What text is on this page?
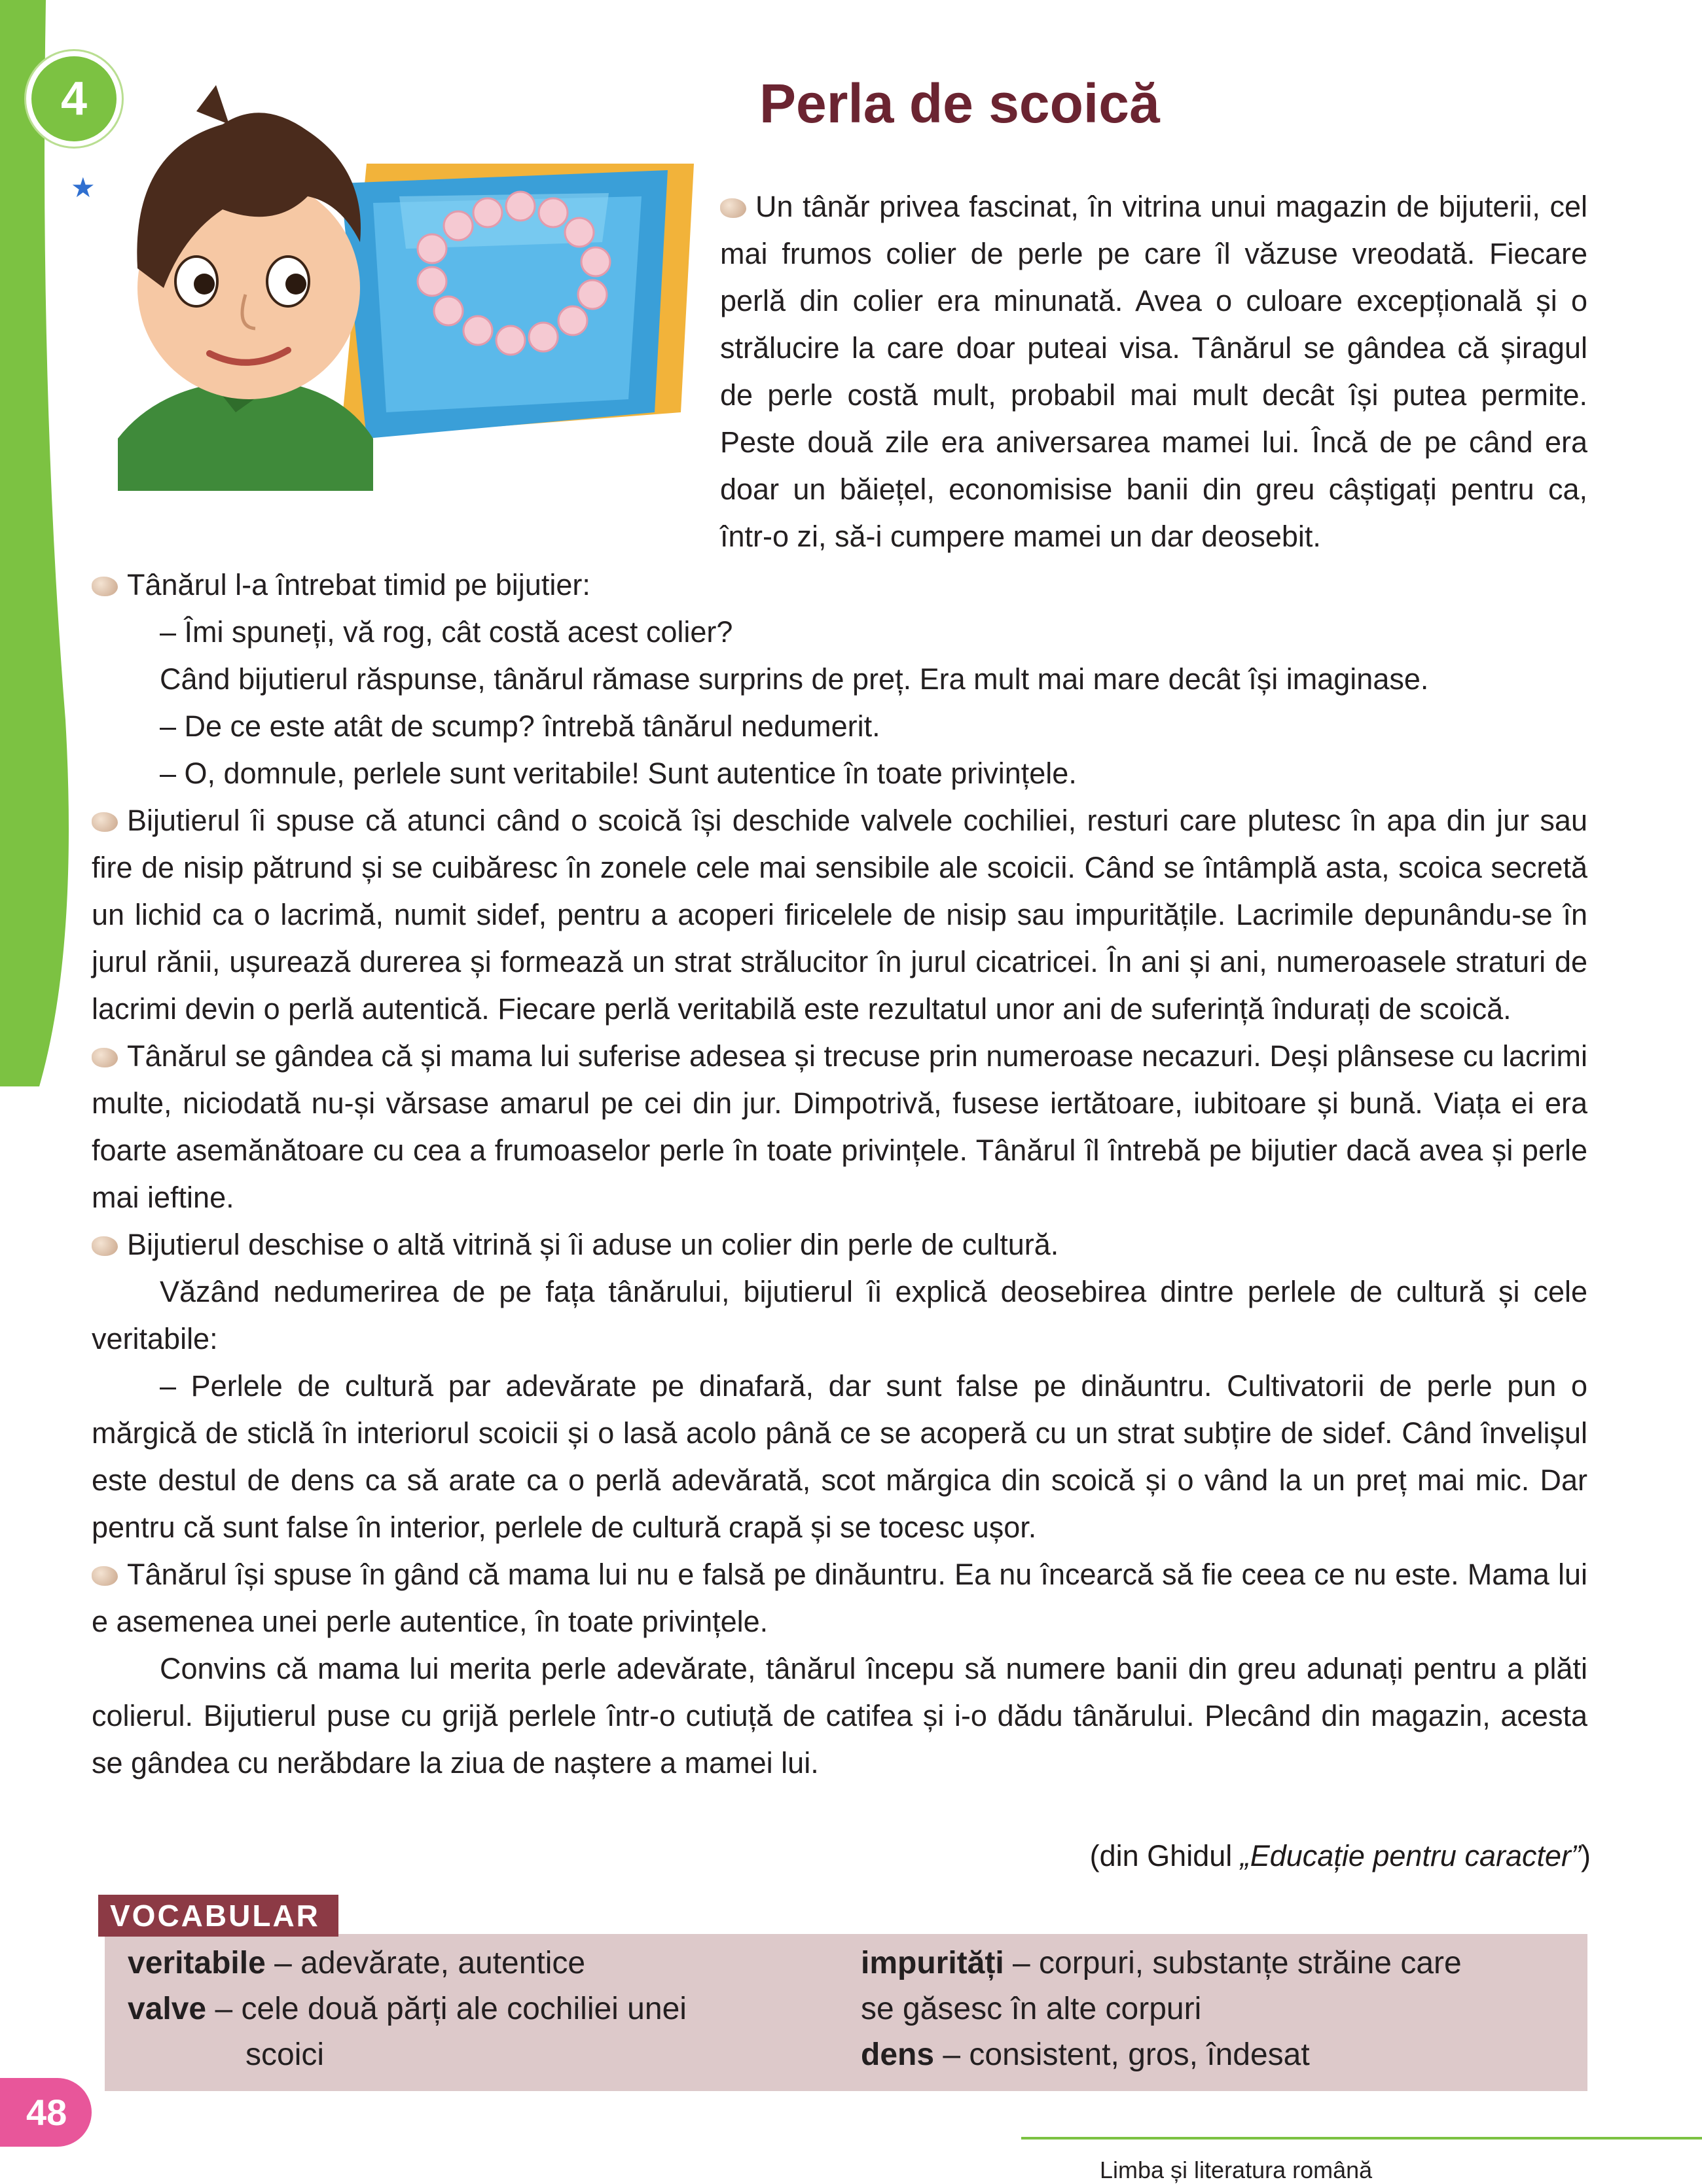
4
★
Perla de scoică

Un tânăr privea fascinat, în vitrina unui magazin de bijuterii, cel mai frumos colier de perle pe care îl văzuse vreodată. Fiecare perlă din colier era minunată. Avea o culoare excepțională și o strălucire la care doar puteai visa. Tânărul se gândea că șiragul de perle costă mult, probabil mai mult decât își putea permite. Peste două zile era aniversarea mamei lui. Încă de pe când era doar un băiețel, economisise banii din greu câștigați pentru ca, într-o zi, să-i cumpere mamei un dar deosebit.

Tânărul l-a întrebat timid pe bijutier:

– Îmi spuneți, vă rog, cât costă acest colier?

Când bijutierul răspunse, tânărul rămase surprins de preț. Era mult mai mare decât își imaginase.

– De ce este atât de scump? întrebă tânărul nedumerit.

– O, domnule, perlele sunt veritabile! Sunt autentice în toate privințele.

Bijutierul îi spuse că atunci când o scoică își deschide valvele cochiliei, resturi care plutesc în apa din jur sau fire de nisip pătrund și se cuibăresc în zonele cele mai sensibile ale scoicii. Când se întâmplă asta, scoica secretă un lichid ca o lacrimă, numit sidef, pentru a acoperi firicelele de nisip sau impuritățile. Lacrimile depunându-se în jurul rănii, ușurează durerea și formează un strat strălucitor în jurul cicatricei. În ani și ani, numeroasele straturi de lacrimi devin o perlă autentică. Fiecare perlă veritabilă este rezultatul unor ani de suferință îndurați de scoică.

Tânărul se gândea că și mama lui suferise adesea și trecuse prin numeroase necazuri. Deși plânsese cu lacrimi multe, niciodată nu-și vărsase amarul pe cei din jur. Dimpotrivă, fusese iertătoare, iubitoare și bună. Viața ei era foarte asemănătoare cu cea a frumoaselor perle în toate privințele. Tânărul îl întrebă pe bijutier dacă avea și perle mai ieftine.

Bijutierul deschise o altă vitrină și îi aduse un colier din perle de cultură.

Văzând nedumerirea de pe fața tânărului, bijutierul îi explică deosebirea dintre perlele de cultură și cele veritabile:

– Perlele de cultură par adevărate pe dinafară, dar sunt false pe dinăuntru. Cultivatorii de perle pun o mărgică de sticlă în interiorul scoicii și o lasă acolo până ce se acoperă cu un strat subțire de sidef. Când învelișul este destul de dens ca să arate ca o perlă adevărată, scot mărgica din scoică și o vând la un preț mai mic. Dar pentru că sunt false în interior, perlele de cultură crapă și se tocesc ușor.

Tânărul își spuse în gând că mama lui nu e falsă pe dinăuntru. Ea nu încearcă să fie ceea ce nu este. Mama lui e asemenea unei perle autentice, în toate privințele.

Convins că mama lui merita perle adevărate, tânărul începu să numere banii din greu adunați pentru a plăti colierul. Bijutierul puse cu grijă perlele într-o cutiuță de catifea și i-o dădu tânărului. Plecând din magazin, acesta se gândea cu nerăbdare la ziua de naștere a mamei lui.

(din Ghidul „Educație pentru caracter”)
VOCABULAR

veritabile – adevărate, autentice

valve – cele două părți ale cochiliei unei

scoici

impurități – corpuri, substanțe străine care

se găsesc în alte corpuri

dens – consistent, gros, îndesat

48
Limba și literatura română
